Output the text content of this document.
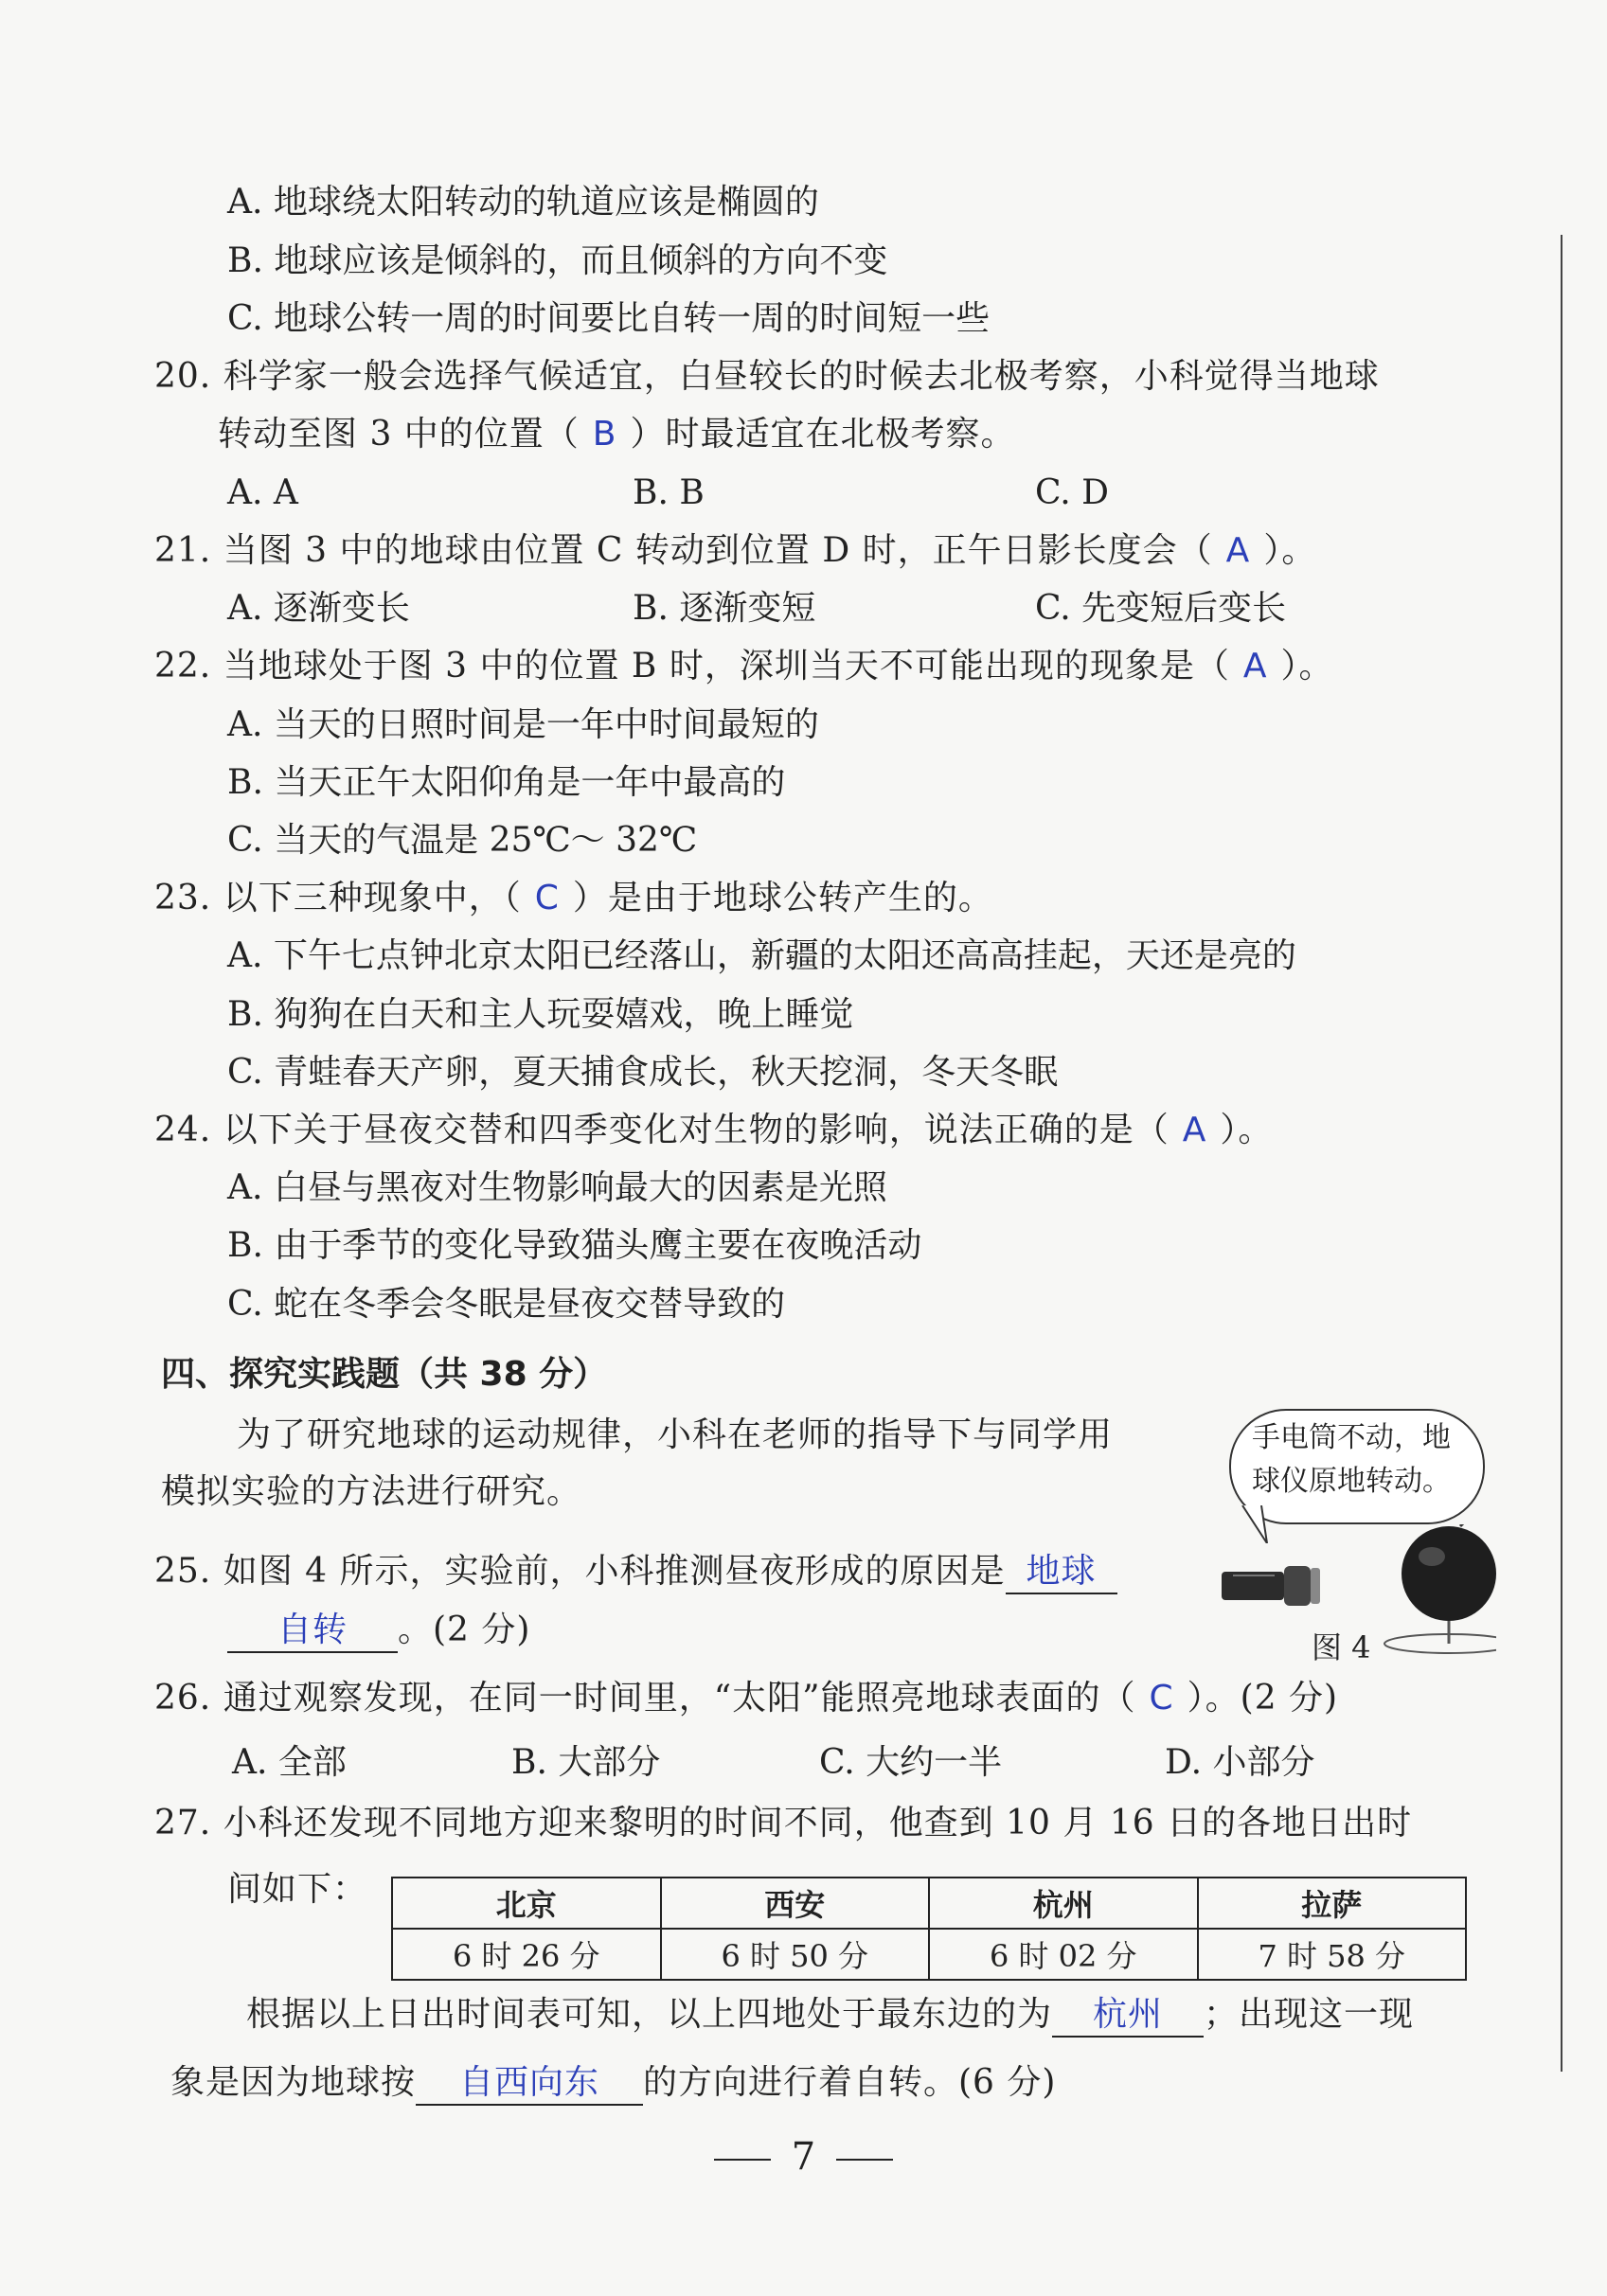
A. 地球绕太阳转动的轨道应该是椭圆的
B. 地球应该是倾斜的，而且倾斜的方向不变
C. 地球公转一周的时间要比自转一周的时间短一些
20. 科学家一般会选择气候适宜，白昼较长的时候去北极考察，小科觉得当地球
转动至图 3 中的位置（ B ）时最适宜在北极考察。
A. A	B. B	C. D
21. 当图 3 中的地球由位置 C 转动到位置 D 时，正午日影长度会（ A ）。
A. 逐渐变长	B. 逐渐变短	C. 先变短后变长
22. 当地球处于图 3 中的位置 B 时，深圳当天不可能出现的现象是（ A ）。
A. 当天的日照时间是一年中时间最短的
B. 当天正午太阳仰角是一年中最高的
C. 当天的气温是 25℃～ 32℃
23. 以下三种现象中，（ C ）是由于地球公转产生的。
A. 下午七点钟北京太阳已经落山，新疆的太阳还高高挂起，天还是亮的
B. 狗狗在白天和主人玩耍嬉戏，晚上睡觉
C. 青蛙春天产卵，夏天捕食成长，秋天挖洞，冬天冬眠
24. 以下关于昼夜交替和四季变化对生物的影响，说法正确的是（ A ）。
A. 白昼与黑夜对生物影响最大的因素是光照
B. 由于季节的变化导致猫头鹰主要在夜晚活动
C. 蛇在冬季会冬眠是昼夜交替导致的
四、探究实践题（共 38 分）
为了研究地球的运动规律，小科在老师的指导下与同学用
模拟实验的方法进行研究。
手电筒不动，地
球仪原地转动。
图 4
25. 如图 4 所示，实验前，小科推测昼夜形成的原因是 地球
自转 。(2 分)
26. 通过观察发现，在同一时间里，“太阳”能照亮地球表面的（ C ）。(2 分)
A. 全部	B. 大部分	C. 大约一半	D. 小部分
27. 小科还发现不同地方迎来黎明的时间不同，他查到 10 月 16 日的各地日出时
间如下：	北京	西安	杭州	拉萨
6 时 26 分	6 时 50 分	6 时 02 分	7 时 58 分
根据以上日出时间表可知，以上四地处于最东边的为 杭州 ；出现这一现
象是因为地球按 自西向东 的方向进行着自转。(6 分)
7
